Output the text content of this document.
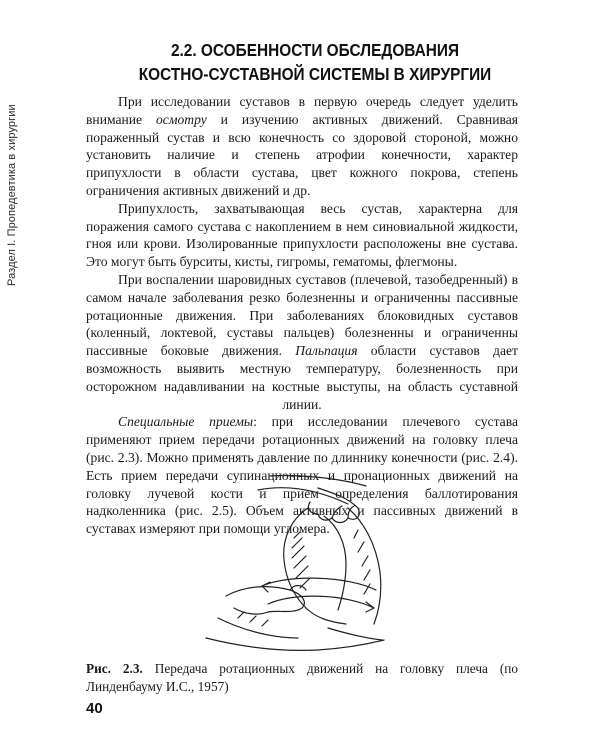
Раздел I. Пропедевтика в хирургии
2.2. ОСОБЕННОСТИ ОБСЛЕДОВАНИЯ
КОСТНО-СУСТАВНОЙ СИСТЕМЫ В ХИРУРГИИ

При исследовании суставов в первую очередь следует уделить внимание осмотру и изучению активных движений. Сравнивая пораженный сустав и всю конечность со здоровой стороной, можно установить наличие и степень атрофии конечности, характер припухлости в области сустава, цвет кожного покрова, степень ограничения активных движений и др.

Припухлость, захватывающая весь сустав, характерна для поражения самого сустава с накоплением в нем синовиальной жидкости, гноя или крови. Изолированные припухлости расположены вне сустава. Это могут быть бурситы, кисты, гигромы, гематомы, флегмоны.

При воспалении шаровидных суставов (плечевой, тазобедренный) в самом начале заболевания резко болезненны и ограниченны пассивные ротационные движения. При заболеваниях блоковидных суставов (коленный, локтевой, суставы пальцев) болезненны и ограниченны пассивные боковые движения. Пальпация области суставов дает возможность выявить местную температуру, болезненность при осторожном надавливании на костные выступы, на область суставной линии.

Специальные приемы: при исследовании плечевого сустава применяют прием передачи ротационных движений на головку плеча (рис. 2.3). Можно применять давление по длиннику конечности (рис. 2.4). Есть прием передачи супинационных и пронационных движений на головку лучевой кости и прием определения баллотирования надколенника (рис. 2.5). Объем активных и пассивных движений в суставах измеряют при помощи угломера.

Рис. 2.3. Передача ротационных движений на головку плеча (по Линденбауму И.С., 1957)
40
